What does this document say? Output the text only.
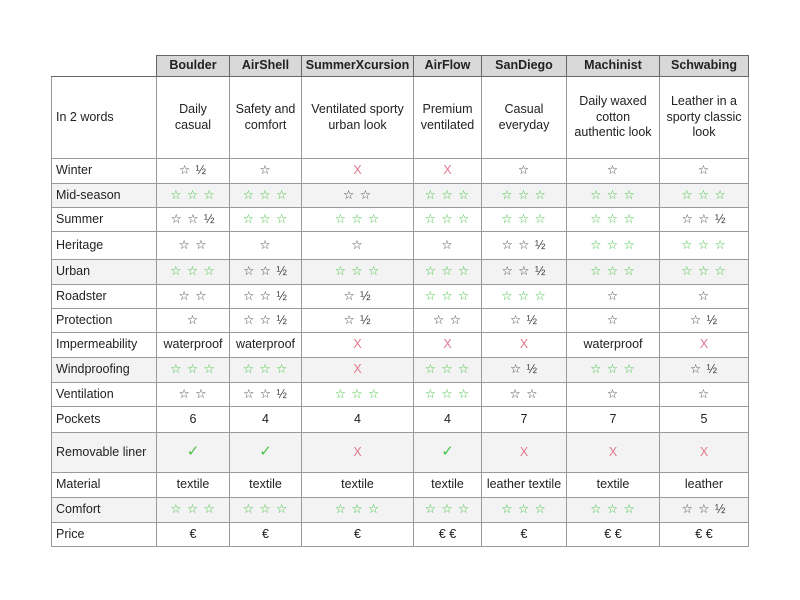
	Boulder	AirShell	SummerXcursion	AirFlow	SanDiego	Machinist	Schwabing
In 2 words	Daily casual	Safety and comfort	Ventilated sporty urban look	Premium ventilated	Casual everyday	Daily waxed cotton authentic look	Leather in a sporty classic look
Winter	☆ ½	☆	X	X	☆	☆	☆
Mid-season	☆ ☆ ☆	☆ ☆ ☆	☆ ☆	☆ ☆ ☆	☆ ☆ ☆	☆ ☆ ☆	☆ ☆ ☆
Summer	☆ ☆ ½	☆ ☆ ☆	☆ ☆ ☆	☆ ☆ ☆	☆ ☆ ☆	☆ ☆ ☆	☆ ☆ ½
Heritage	☆ ☆	☆	☆	☆	☆ ☆ ½	☆ ☆ ☆	☆ ☆ ☆
Urban	☆ ☆ ☆	☆ ☆ ½	☆ ☆ ☆	☆ ☆ ☆	☆ ☆ ½	☆ ☆ ☆	☆ ☆ ☆
Roadster	☆ ☆	☆ ☆ ½	☆ ½	☆ ☆ ☆	☆ ☆ ☆	☆	☆
Protection	☆	☆ ☆ ½	☆ ½	☆ ☆	☆ ½	☆	☆ ½
Impermeability	waterproof	waterproof	X	X	X	waterproof	X
Windproofing	☆ ☆ ☆	☆ ☆ ☆	X	☆ ☆ ☆	☆ ½	☆ ☆ ☆	☆ ½
Ventilation	☆ ☆	☆ ☆ ½	☆ ☆ ☆	☆ ☆ ☆	☆ ☆	☆	☆
Pockets	6	4	4	4	7	7	5
Removable liner	✓	✓	X	✓	X	X	X
Material	textile	textile	textile	textile	leather textile	textile	leather
Comfort	☆ ☆ ☆	☆ ☆ ☆	☆ ☆ ☆	☆ ☆ ☆	☆ ☆ ☆	☆ ☆ ☆	☆ ☆ ½
Price	€	€	€	€ €	€	€ €	€ €
